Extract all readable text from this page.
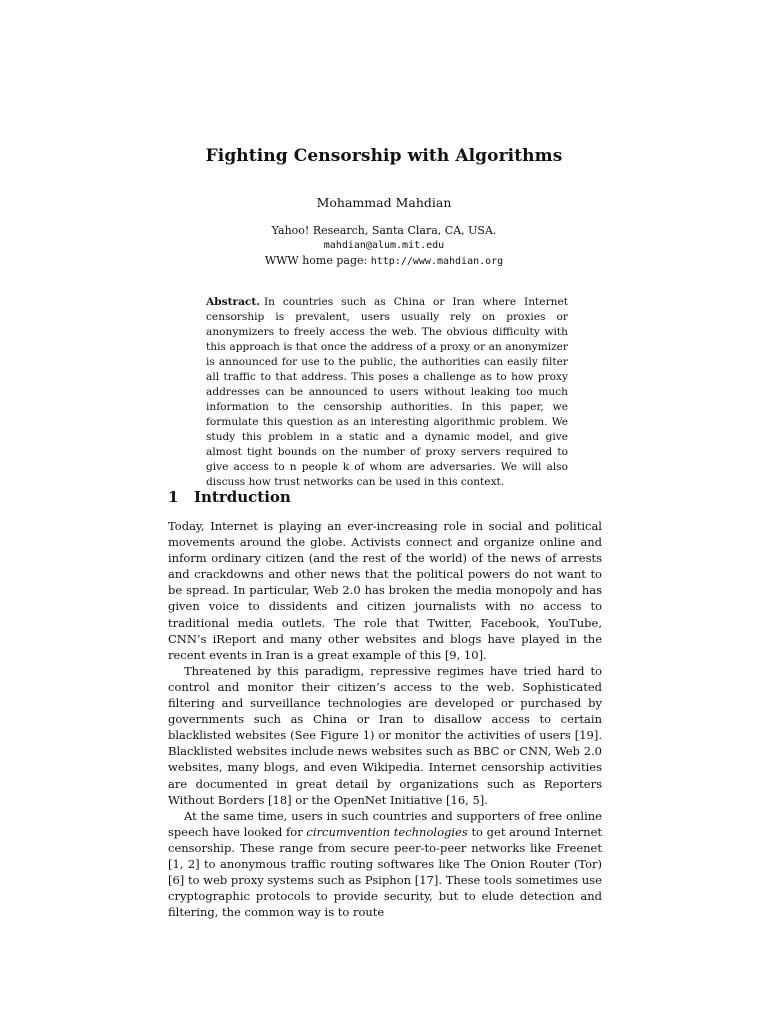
Fighting Censorship with Algorithms
Mohammad Mahdian
Yahoo! Research, Santa Clara, CA, USA.
mahdian@alum.mit.edu
WWW home page: http://www.mahdian.org
Abstract. In countries such as China or Iran where Internet censorship is prevalent, users usually rely on proxies or anonymizers to freely access the web. The obvious difficulty with this approach is that once the address of a proxy or an anonymizer is announced for use to the public, the authorities can easily filter all traffic to that address. This poses a challenge as to how proxy addresses can be announced to users without leaking too much information to the censorship authorities. In this paper, we formulate this question as an interesting algorithmic problem. We study this problem in a static and a dynamic model, and give almost tight bounds on the number of proxy servers required to give access to n people k of whom are adversaries. We will also discuss how trust networks can be used in this context.
1 Intrduction

Today, Internet is playing an ever-increasing role in social and political movements around the globe. Activists connect and organize online and inform ordinary citizen (and the rest of the world) of the news of arrests and crackdowns and other news that the political powers do not want to be spread. In particular, Web 2.0 has broken the media monopoly and has given voice to dissidents and citizen journalists with no access to traditional media outlets. The role that Twitter, Facebook, YouTube, CNN’s iReport and many other websites and blogs have played in the recent events in Iran is a great example of this [9, 10].

Threatened by this paradigm, repressive regimes have tried hard to control and monitor their citizen’s access to the web. Sophisticated filtering and surveillance technologies are developed or purchased by governments such as China or Iran to disallow access to certain blacklisted websites (See Figure 1) or monitor the activities of users [19]. Blacklisted websites include news websites such as BBC or CNN, Web 2.0 websites, many blogs, and even Wikipedia. Internet censorship activities are documented in great detail by organizations such as Reporters Without Borders [18] or the OpenNet Initiative [16, 5].

At the same time, users in such countries and supporters of free online speech have looked for circumvention technologies to get around Internet censorship. These range from secure peer-to-peer networks like Freenet [1, 2] to anonymous traffic routing softwares like The Onion Router (Tor) [6] to web proxy systems such as Psiphon [17]. These tools sometimes use cryptographic protocols to provide security, but to elude detection and filtering, the common way is to route
